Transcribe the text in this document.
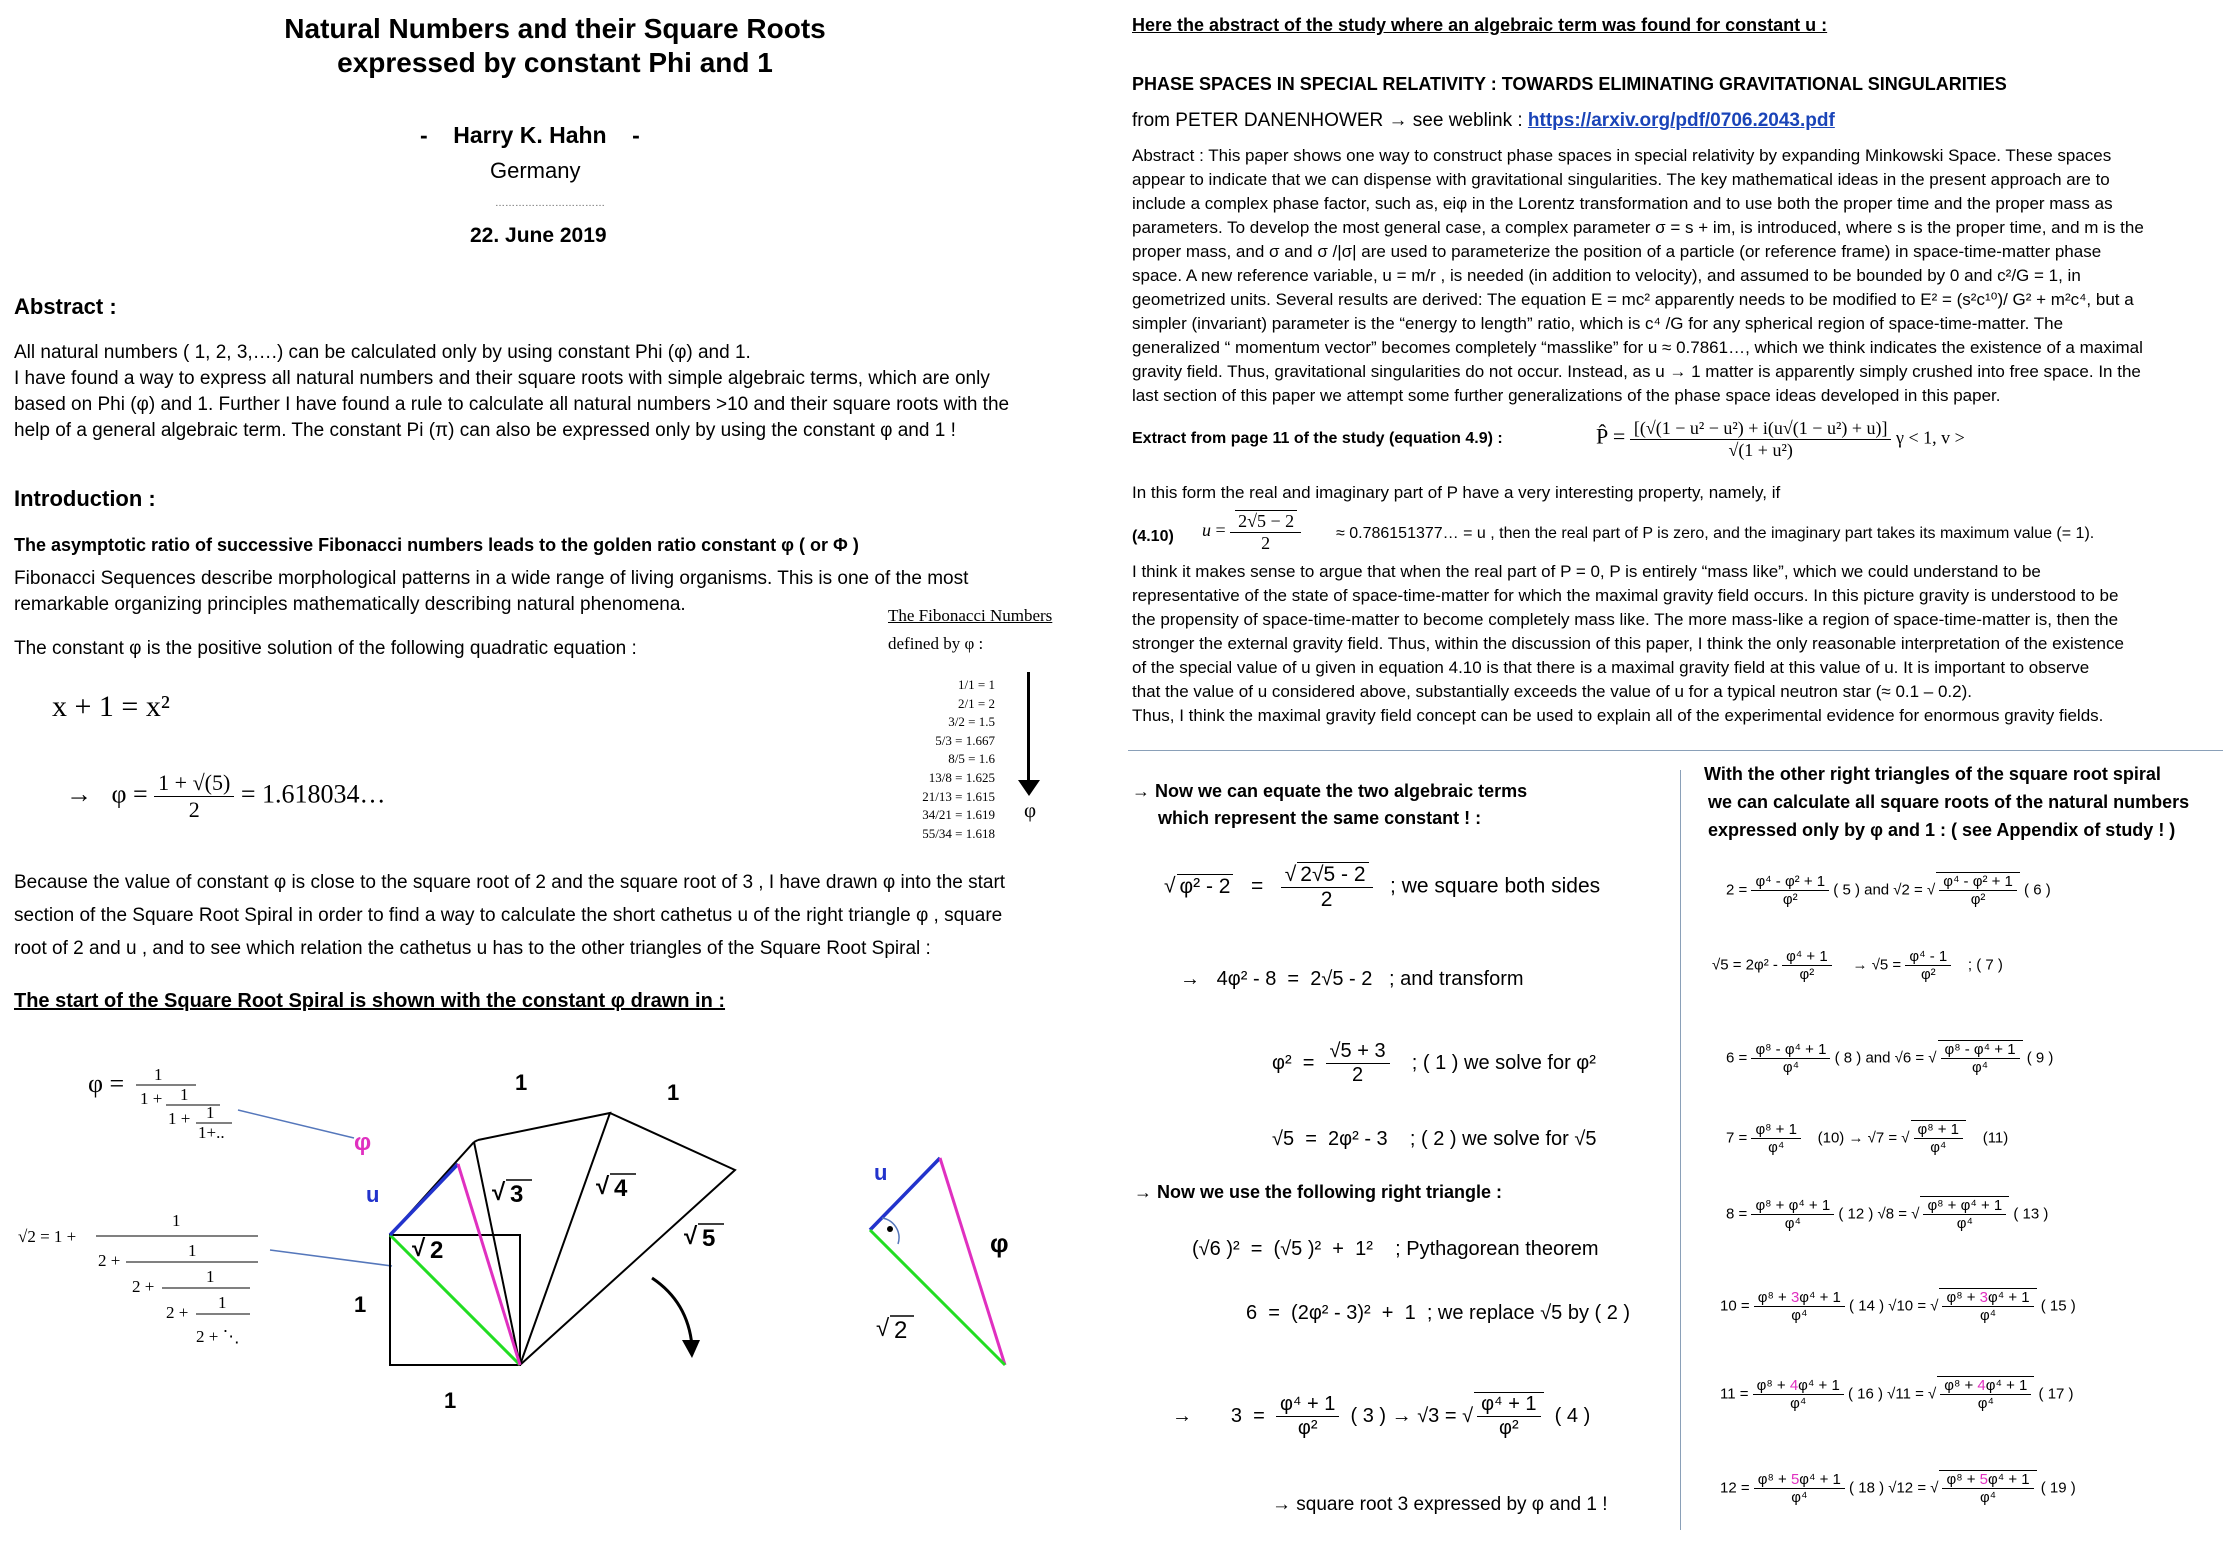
Natural Numbers and their Square Roots
expressed by constant Phi and 1
-    Harry K. Hahn    -
Germany
……………………………
22. June 2019
Abstract :
All natural numbers ( 1, 2, 3,….) can be calculated only by using constant Phi (φ) and 1.
I have found a way to express all natural numbers and their square roots with simple algebraic terms, which are only
based on Phi (φ) and 1. Further I have found a rule to calculate all natural numbers >10 and their square roots with the
help of a general algebraic term. The constant Pi (π) can also be expressed only by using the constant φ and 1 !
Introduction :
The asymptotic ratio of successive Fibonacci numbers leads to the golden ratio constant φ ( or Φ )
Fibonacci Sequences describe morphological patterns in a wide range of living organisms. This is one of the most
remarkable organizing principles mathematically describing natural phenomena.
The constant φ is the positive solution of the following quadratic equation :
x + 1 = x²
→   $\varphi = \frac{1 + √(5)}{2}$ = 1.618034…
The Fibonacci Numbers
defined by φ :
1/1 = 1
2/1 = 2
3/2 = 1.5
5/3 = 1.667
8/5 = 1.6
13/8 = 1.625
21/13 = 1.615
34/21 = 1.619
55/34 = 1.618
φ
Because the value of constant φ is close to the square root of 2 and the square root of 3 , I have drawn φ into the start
section of the Square Root Spiral in order to find a way to calculate the short cathetus u of the right triangle φ , square
root of 2 and u , and to see which relation the cathetus u has to the other triangles of the Square Root Spiral :
The start of the Square Root Spiral is shown with the constant φ drawn in :
φ = 1
1 + 1
1 + 1
1+..
√2 = 1 +
1
2 +
1
2 +
1
2 +
1
2 + ⋱
1	1
1
1
φ
u
√ 2
√ 3	√ 4
√ 5
u
φ
√ 2
Here the abstract of the study where an algebraic term was found for constant u :
PHASE SPACES IN SPECIAL RELATIVITY : TOWARDS ELIMINATING GRAVITATIONAL SINGULARITIES
from PETER DANENHOWER → see weblink : https://arxiv.org/pdf/0706.2043.pdf
Abstract : This paper shows one way to construct phase spaces in special relativity by expanding Minkowski Space. These spaces
appear to indicate that we can dispense with gravitational singularities. The key mathematical ideas in the present approach are to
include a complex phase factor, such as, eiφ in the Lorentz transformation and to use both the proper time and the proper mass as
parameters. To develop the most general case, a complex parameter σ = s + im, is introduced, where s is the proper time, and m is the
proper mass, and σ and σ /|σ| are used to parameterize the position of a particle (or reference frame) in space-time-matter phase
space. A new reference variable, u = m/r , is needed (in addition to velocity), and assumed to be bounded by 0 and c²/G = 1, in
geometrized units. Several results are derived: The equation E = mc² apparently needs to be modified to E² = (s²c¹⁰)/ G² + m²c⁴, but a
simpler (invariant) parameter is the “energy to length” ratio, which is c⁴ /G for any spherical region of space-time-matter. The
generalized “ momentum vector” becomes completely “masslike” for u ≈ 0.7861…, which we think indicates the existence of a maximal
gravity field. Thus, gravitational singularities do not occur. Instead, as u → 1 matter is apparently simply crushed into free space. In the
last section of this paper we attempt some further generalizations of the phase space ideas developed in this paper.
Extract from page 11 of the study (equation 4.9) :	P̂ = $\frac{\text{[(√(1 − u² − u²) + i(u√(1 − u²) + u)]}}{\text{√(1 + u²)}}$ γ < 1, v >
In this form the real and imaginary part of P have a very interesting property, namely, if
(4.10) $u = \frac{2√5 - 2}{2}$ ≈ 0.786151377… = u , then the real part of P is zero, and the imaginary part takes its maximum value (= 1).
I think it makes sense to argue that when the real part of P = 0, P is entirely “mass like”, which we could understand to be
representative of the state of space-time-matter for which the maximal gravity field occurs. In this picture gravity is understood to be
the propensity of space-time-matter to become completely mass like. The more mass-like a region of space-time-matter is, then the
stronger the external gravity field. Thus, within the discussion of this paper, I think the only reasonable interpretation of the existence
of the special value of u given in equation 4.10 is that there is a maximal gravity field at this value of u. It is important to observe
that the value of u considered above, substantially exceeds the value of u for a typical neutron star (≈ 0.1 – 0.2).
Thus, I think the maximal gravity field concept can be used to explain all of the experimental evidence for enormous gravity fields.
→ Now we can equate the two algebraic terms
which represent the same constant ! :
√ $\varphi^2 - 2 = \frac{√ 2√5 - 2}{2}$ ; we square both sides
→   4φ² - 8  =  2√5 - 2   ; and transform
$\varphi^2 = \frac{√5 + 3}{2}$ ; ( 1 ) we solve for φ²
√5  =  2φ² - 3    ; ( 2 ) we solve for √5
→ Now we use the following right triangle :
(√6 )²  =  (√5 )²  +  1²    ; Pythagorean theorem
6  =  (2φ² - 3)²  +  1  ; we replace √5 by ( 2 )
→       $3 = \frac{\text{φ⁴ + 1}}{\text{φ²}}$ ( 3 ) → √3 = √ $\frac{\text{φ⁴ + 1}}{\text{φ²}}$ ( 4 )
→ square root 3 expressed by φ and 1 !
With the other right triangles of the square root spiral
we can calculate all square roots of the natural numbers
expressed only by φ and 1 : ( see Appendix of study ! )
$2 = \frac{\text{φ⁴ - φ² + 1}}{\text{φ²}}$ ( 5 ) and √2 = √ $\frac{\text{φ⁴ - φ² + 1}}{\text{φ²}}$ ( 6 )
$√5 = 2\varphi^2 - \frac{\text{φ⁴ + 1}}{\text{φ²}} \to √5 = \frac{\text{φ⁴ - 1}}{\text{φ²}}$ ; ( 7 )
$6 = \frac{\text{φ⁸ - φ⁴ + 1}}{\text{φ⁴}}$ ( 8 ) and √6 = √ $\frac{\text{φ⁸ - φ⁴ + 1}}{\text{φ⁴}}$ ( 9 )
$7 = \frac{\text{φ⁸ + 1}}{\text{φ⁴}} (10) \to √7$ = √ $\frac{\text{φ⁸ + 1}}{\text{φ⁴}} (11)$
$8 = \frac{\text{φ⁸ + φ⁴ + 1}}{\text{φ⁴}}$ ( 12 ) √8 = √ $\frac{\text{φ⁸ + φ⁴ + 1}}{\text{φ⁴}}$ ( 13 )
$10 = \frac{\text{φ⁸ + 3φ⁴ + 1}}{\text{φ⁴}}$ ( 14 ) √10 = √ $\frac{\text{φ⁸ + 3φ⁴ + 1}}{\text{φ⁴}}$ ( 15 )
$11 = \frac{\text{φ⁸ + 4φ⁴ + 1}}{\text{φ⁴}}$ ( 16 ) √11 = √ $\frac{\text{φ⁸ + 4φ⁴ + 1}}{\text{φ⁴}}$ ( 17 )
$12 = \frac{\text{φ⁸ + 5φ⁴ + 1}}{\text{φ⁴}}$ ( 18 ) √12 = √ $\frac{\text{φ⁸ + 5φ⁴ + 1}}{\text{φ⁴}}$ ( 19 )
